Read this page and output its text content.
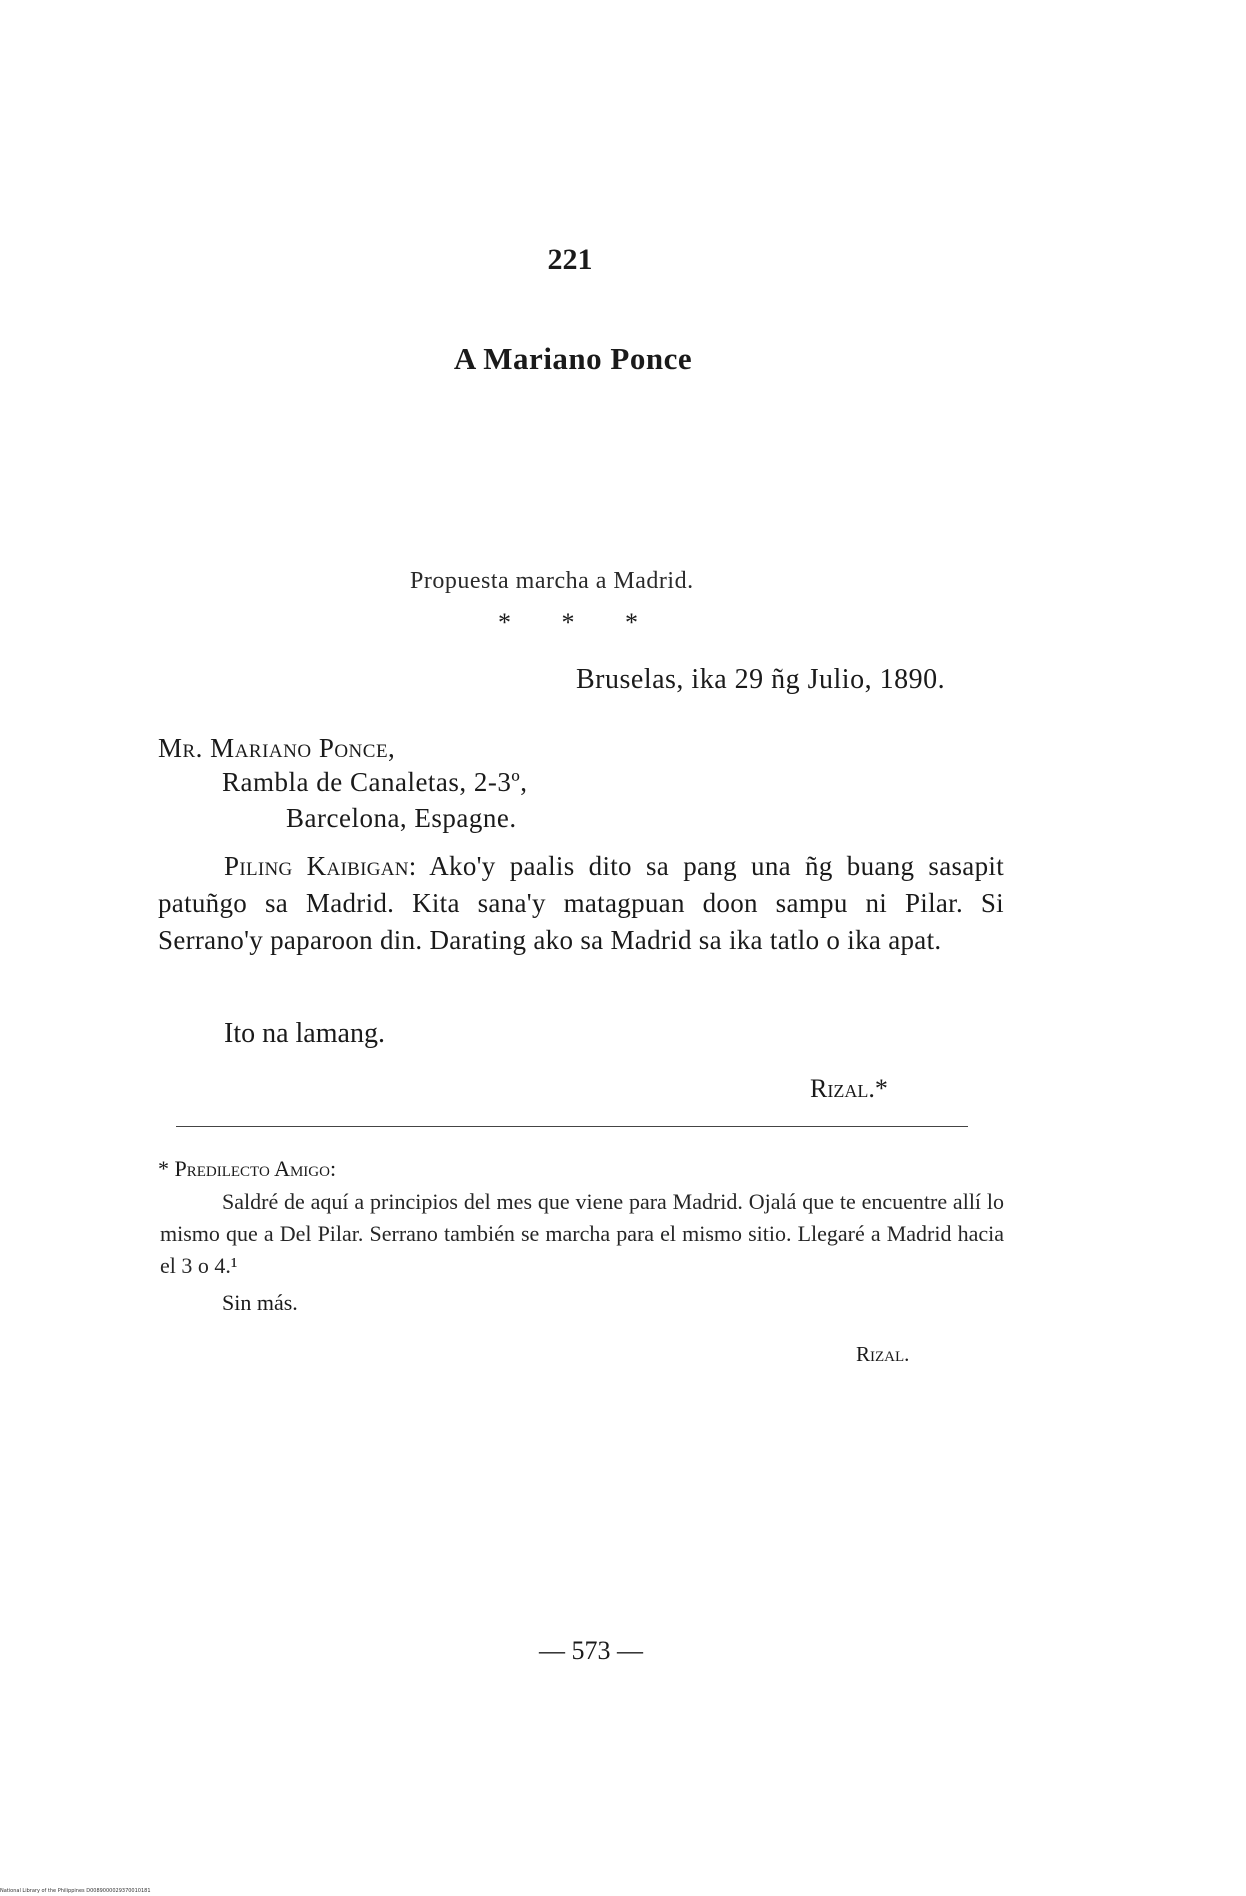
221
A Mariano Ponce
Propuesta marcha a Madrid.
* * *
Bruselas, ika 29 ñg Julio, 1890.
Mr. Mariano Ponce,
Rambla de Canaletas, 2-3º,
Barcelona, Espagne.
Piling Kaibigan: Ako'y paalis dito sa pang una ñg buang sasapit patuñgo sa Madrid. Kita sana'y matagpuan doon sampu ni Pilar. Si Serrano'y paparoon din. Darating ako sa Madrid sa ika tatlo o ika apat.
Ito na lamang.
Rizal.*
* Predilecto Amigo:
Saldré de aquí a principios del mes que viene para Madrid. Ojalá que te encuentre allí lo mismo que a Del Pilar. Serrano también se marcha para el mismo sitio. Llegaré a Madrid hacia el 3 o 4.¹
Sin más.
Rizal.
— 573 —
National Library of the Philippines D0089000029370010181
